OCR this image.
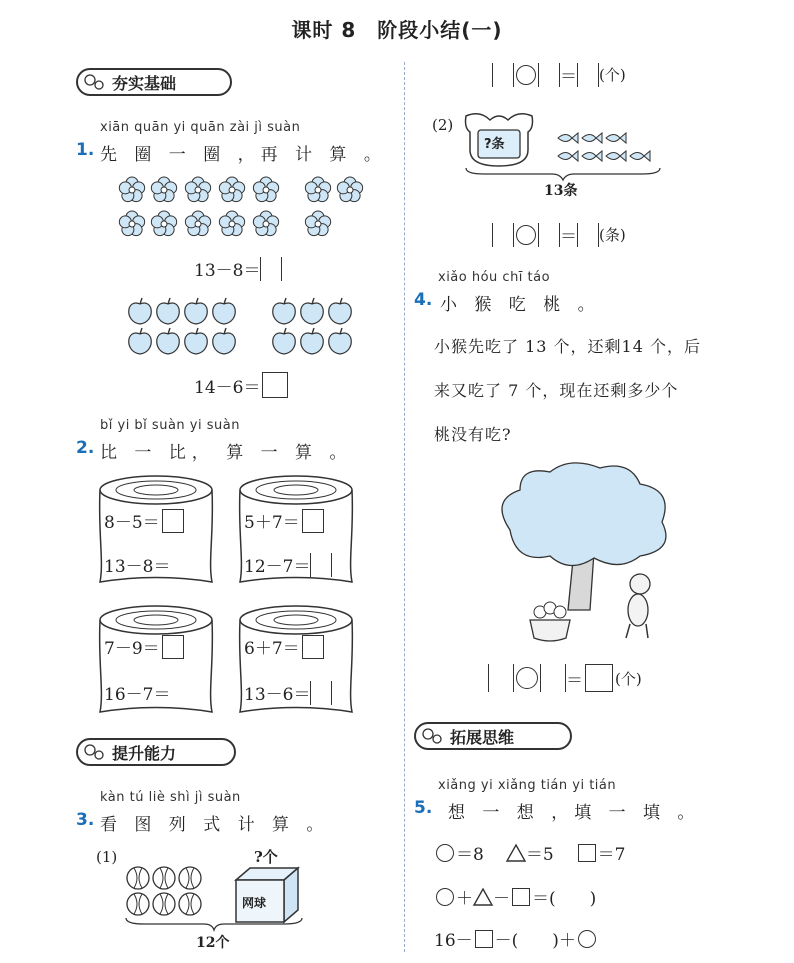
课时 8　阶段小结(一)
夯实基础
xiān quān yi quān zài jì suàn
1. 先 圈 一 圈 ，再 计 算 。
13－8＝
14－6＝
bǐ yi bǐ suàn yi suàn
2. 比 一 比， 算 一 算 。
8－5＝
13－8＝
5＋7＝
12－7＝
7－9＝
16－7＝
6＋7＝
13－6＝
提升能力
kàn tú liè shì jì suàn
3. 看 图 列 式 计 算 。
(1)	?个
网球
12个
＝ (个)
(2)
?条
13条
＝ (条)
xiǎo hóu chī táo
4. 小 猴 吃 桃 。
小猴先吃了 13 个，还剩14 个，后
来又吃了 7 个，现在还剩多少个
桃没有吃?
＝ (个)
拓展思维
xiǎng yi xiǎng tián yi tián
5. 想 一 想 ，填 一 填 。
＝8 ＝5	＝7
＋ － ＝(　　)
16－ －(　　)＋
